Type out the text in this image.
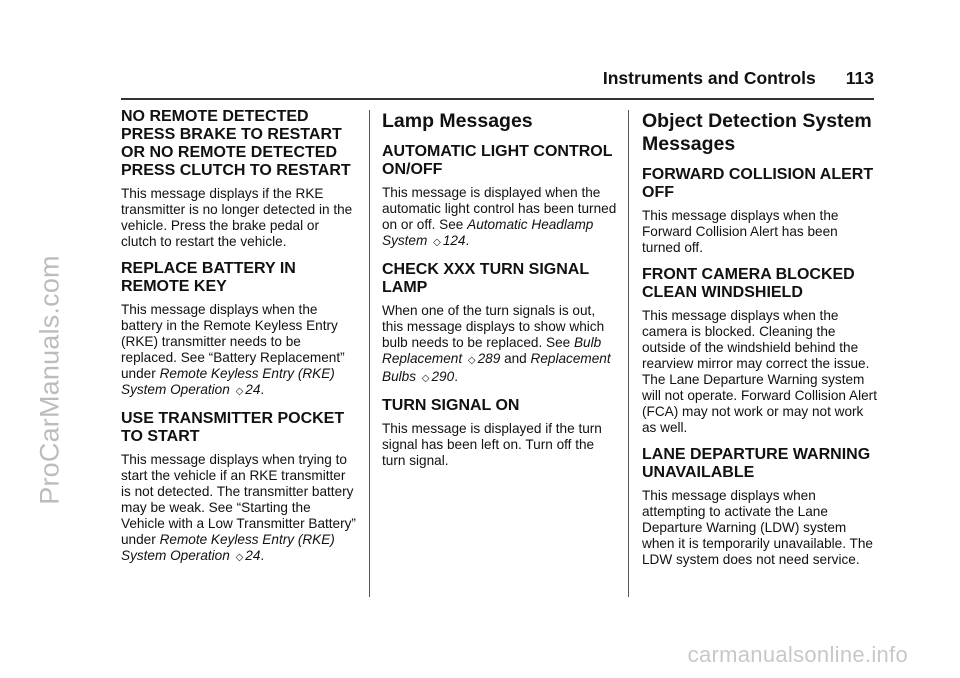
ProCarManuals.com
Instruments and Controls 113
NO REMOTE DETECTED PRESS BRAKE TO RESTART OR NO REMOTE DETECTED PRESS CLUTCH TO RESTART

This message displays if the RKE transmitter is no longer detected in the vehicle. Press the brake pedal or clutch to restart the vehicle.

REPLACE BATTERY IN REMOTE KEY

This message displays when the battery in the Remote Keyless Entry (RKE) transmitter needs to be replaced. See “Battery Replacement” under Remote Keyless Entry (RKE) System Operation ◇ 24.

USE TRANSMITTER POCKET TO START

This message displays when trying to start the vehicle if an RKE transmitter is not detected. The transmitter battery may be weak. See “Starting the Vehicle with a Low Transmitter Battery” under Remote Keyless Entry (RKE) System Operation ◇ 24.

Lamp Messages
AUTOMATIC LIGHT CONTROL ON/OFF

This message is displayed when the automatic light control has been turned on or off. See Automatic Headlamp System ◇ 124.

CHECK XXX TURN SIGNAL LAMP

When one of the turn signals is out, this message displays to show which bulb needs to be replaced. See Bulb Replacement ◇ 289 and Replacement Bulbs ◇ 290.

TURN SIGNAL ON

This message is displayed if the turn signal has been left on. Turn off the turn signal.

Object Detection System Messages
FORWARD COLLISION ALERT OFF

This message displays when the Forward Collision Alert has been turned off.

FRONT CAMERA BLOCKED CLEAN WINDSHIELD

This message displays when the camera is blocked. Cleaning the outside of the windshield behind the rearview mirror may correct the issue. The Lane Departure Warning system will not operate. Forward Collision Alert (FCA) may not work or may not work as well.

LANE DEPARTURE WARNING UNAVAILABLE

This message displays when attempting to activate the Lane Departure Warning (LDW) system when it is temporarily unavailable. The LDW system does not need service.

carmanualsonline.info
